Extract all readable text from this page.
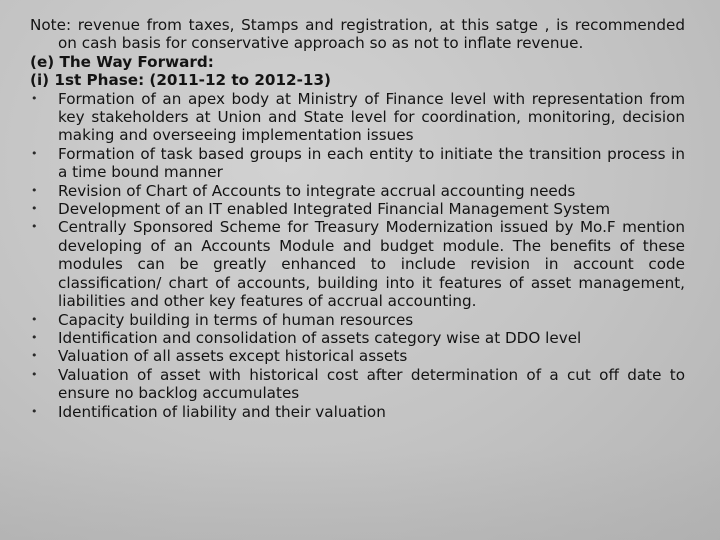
Note: revenue from taxes, Stamps and registration, at this satge , is recommended on cash basis for conservative approach so as not to inflate revenue.

(e) The Way Forward:

(i) 1st Phase: (2011-12 to 2012-13)

• Formation of an apex body at Ministry of Finance level with representation from key stakeholders at Union and State level for coordination, monitoring, decision making and overseeing implementation issues
• Formation of task based groups in each entity to initiate the transition process in a time bound manner
• Revision of Chart of Accounts to integrate accrual accounting needs
• Development of an IT enabled Integrated Financial Management System
• Centrally Sponsored Scheme for Treasury Modernization issued by Mo.F mention developing of an Accounts Module and budget module. The benefits of these modules can be greatly enhanced to include revision in account code classification/ chart of accounts, building into it features of asset management, liabilities and other key features of accrual accounting.
• Capacity building in terms of human resources
• Identification and consolidation of assets category wise at DDO level
• Valuation of all assets except historical assets
• Valuation of asset with historical cost after determination of a cut off date to ensure no backlog accumulates
• Identification of liability and their valuation
